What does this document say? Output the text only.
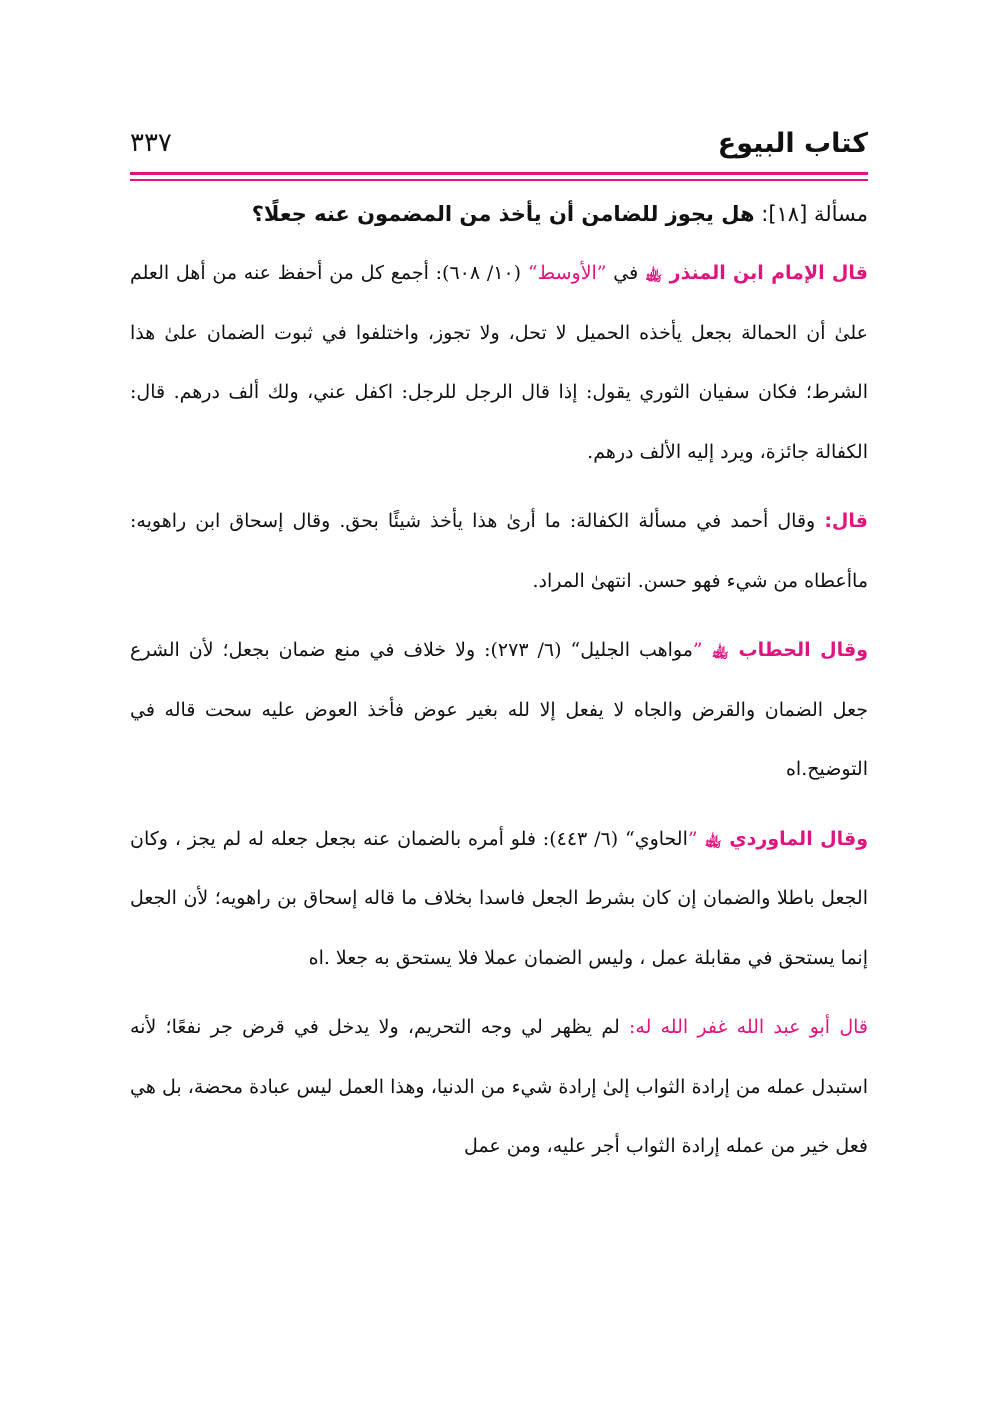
كتاب البيوع
٣٣٧

مسألة [١٨]: هل يجوز للضامن أن يأخذ من المضمون عنه جعلًا؟

قال الإمام ابن المنذر ﵀ في ”الأوسط“ (١٠/ ٦٠٨): أجمع كل من أحفظ عنه من أهل العلم علىٰ أن الحمالة بجعل يأخذه الحميل لا تحل، ولا تجوز، واختلفوا في ثبوت الضمان علىٰ هذا الشرط؛ فكان سفيان الثوري يقول: إذا قال الرجل للرجل: اكفل عني، ولك ألف درهم. قال: الكفالة جائزة، ويرد إليه الألف درهم.

قال: وقال أحمد في مسألة الكفالة: ما أرىٰ هذا يأخذ شيئًا بحق. وقال إسحاق ابن راهويه: ماأعطاه من شيء فهو حسن. انتهىٰ المراد.

وقال الحطاب ﵀ ”مواهب الجليل“ (٦/ ٢٧٣): ولا خلاف في منع ضمان بجعل؛ لأن الشرع جعل الضمان والقرض والجاه لا يفعل إلا لله بغير عوض فأخذ العوض عليه سحت قاله في التوضيح.اه

وقال الماوردي ﵀ ”الحاوي“ (٦/ ٤٤٣): فلو أمره بالضمان عنه بجعل جعله له لم يجز ، وكان الجعل باطلا والضمان إن كان بشرط الجعل فاسدا بخلاف ما قاله إسحاق بن راهويه؛ لأن الجعل إنما يستحق في مقابلة عمل ، وليس الضمان عملا فلا يستحق به جعلا .اه

قال أبو عبد الله غفر الله له: لم يظهر لي وجه التحريم، ولا يدخل في قرض جر نفعًا؛ لأنه استبدل عمله من إرادة الثواب إلىٰ إرادة شيء من الدنيا، وهذا العمل ليس عبادة محضة، بل هي فعل خير من عمله إرادة الثواب أجر عليه، ومن عمل
